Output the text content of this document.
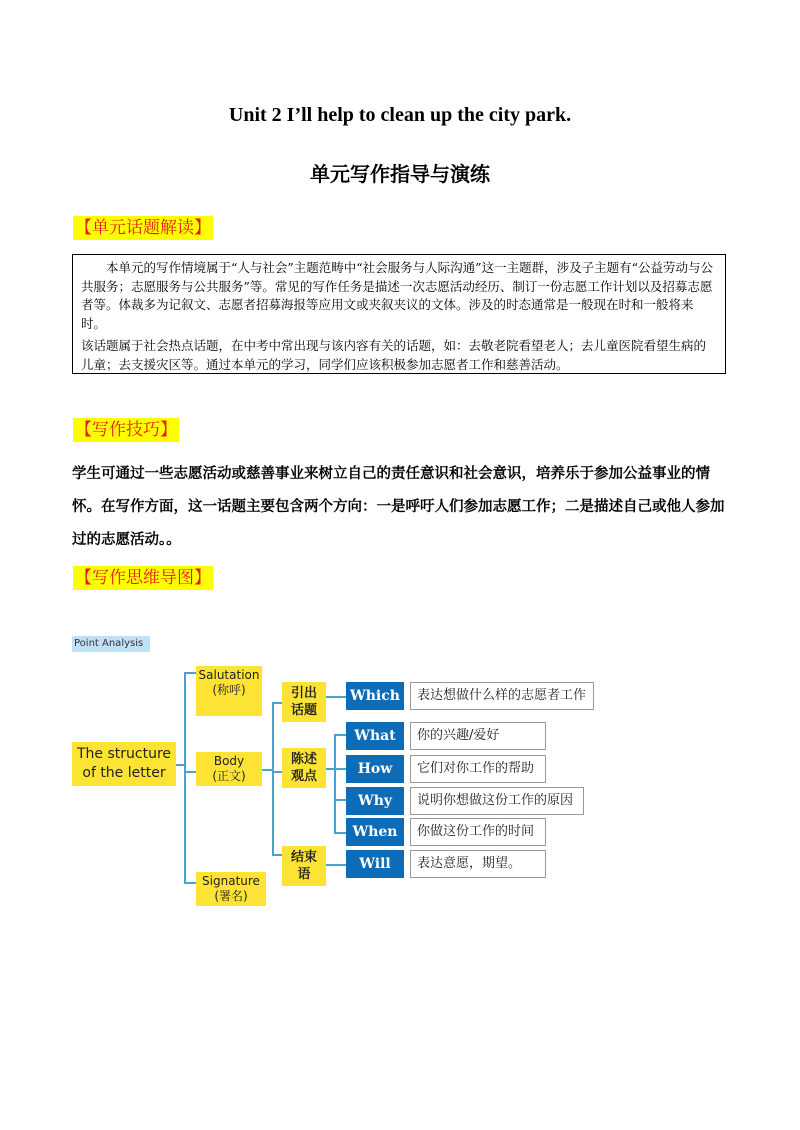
Unit 2 I’ll help to clean up the city park.
单元写作指导与演练
【单元话题解读】

本单元的写作情境属于“人与社会”主题范畴中“社会服务与人际沟通”这一主题群，涉及子主题有“公益劳动与公共服务；志愿服务与公共服务”等。常见的写作任务是描述一次志愿活动经历、制订一份志愿工作计划以及招募志愿者等。体裁多为记叙文、志愿者招募海报等应用文或夹叙夹议的文体。涉及的时态通常是一般现在时和一般将来时。

该话题属于社会热点话题，在中考中常出现与该内容有关的话题，如：去敬老院看望老人；去儿童医院看望生病的儿童；去支援灾区等。通过本单元的学习，同学们应该积极参加志愿者工作和慈善活动。

【写作技巧】
学生可通过一些志愿活动或慈善事业来树立自己的责任意识和社会意识，培养乐于参加公益事业的情怀。在写作方面，这一话题主要包含两个方向：一是呼吁人们参加志愿工作；二是描述自己或他人参加过的志愿活动。。
【写作思维导图】
Point Analysis
The structure of the letter
Salutation
(称呼)
Body
(正文)
Signature
(署名)
引出话题
陈述观点
结束语
Which
What
How
Why
When
Will
表达想做什么样的志愿者工作
你的兴趣/爱好
它们对你工作的帮助
说明你想做这份工作的原因
你做这份工作的时间
表达意愿，期望。
